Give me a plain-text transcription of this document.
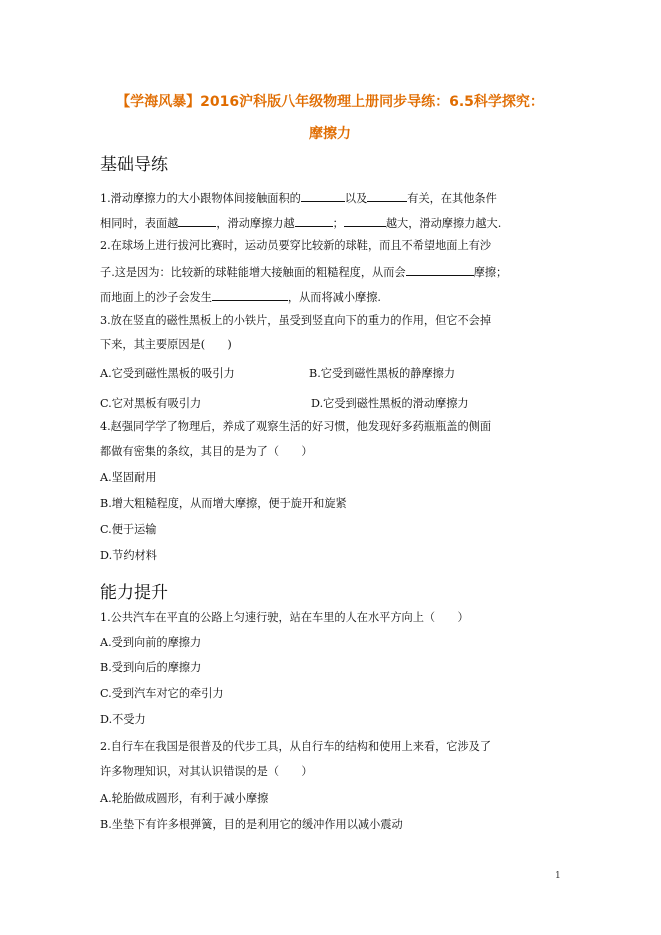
【学海风暴】2016沪科版八年级物理上册同步导练：6.5科学探究：
摩擦力
基础导练
1.滑动摩擦力的大小跟物体间接触面积的	以及	有关，在其他条件
相同时，表面越	，滑动摩擦力越	；	越大，滑动摩擦力越大.
2.在球场上进行拔河比赛时，运动员要穿比较新的球鞋，而且不希望地面上有沙
子.这是因为：比较新的球鞋能增大接触面的粗糙程度，从而会	摩擦；
而地面上的沙子会发生	，从而将减小摩擦.
3.放在竖直的磁性黑板上的小铁片，虽受到竖直向下的重力的作用，但它不会掉
下来，其主要原因是(　　)
A.它受到磁性黑板的吸引力	B.它受到磁性黑板的静摩擦力
C.它对黑板有吸引力	D.它受到磁性黑板的滑动摩擦力
4.赵强同学学了物理后，养成了观察生活的好习惯，他发现好多药瓶瓶盖的侧面
都做有密集的条纹，其目的是为了（　　）
A.坚固耐用
B.增大粗糙程度，从而增大摩擦，便于旋开和旋紧
C.便于运输
D.节约材料
能力提升
1.公共汽车在平直的公路上匀速行驶，站在车里的人在水平方向上（　　）
A.受到向前的摩擦力
B.受到向后的摩擦力
C.受到汽车对它的牵引力
D.不受力
2.自行车在我国是很普及的代步工具，从自行车的结构和使用上来看，它涉及了
许多物理知识，对其认识错误的是（　　）
A.轮胎做成圆形，有利于减小摩擦
B.坐垫下有许多根弹簧，目的是利用它的缓冲作用以减小震动
1
